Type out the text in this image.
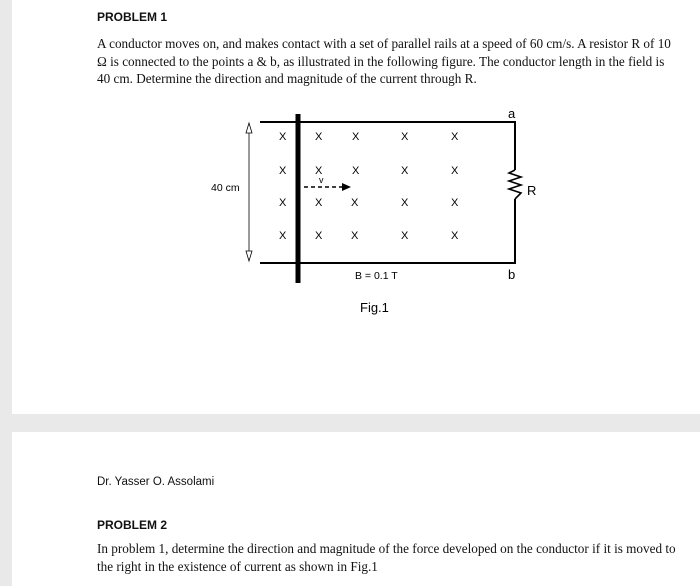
PROBLEM 1
A conductor moves on, and makes contact with a set of parallel rails at a speed of 60 cm/s. A resistor R of 10 Ω is connected to the points a & b, as illustrated in the following figure. The conductor length in the field is 40 cm. Determine the direction and magnitude of the current through R.
X	X	X	X	X
X	X	X	X	X
X	X	X	X	X
X	X	X	X	X
40 cm
a
b
R
v
B = 0.1 T
Fig.1
Dr. Yasser O. Assolami
PROBLEM 2
In problem 1, determine the direction and magnitude of the force developed on the conductor if it is moved to the right in the existence of current as shown in Fig.1
